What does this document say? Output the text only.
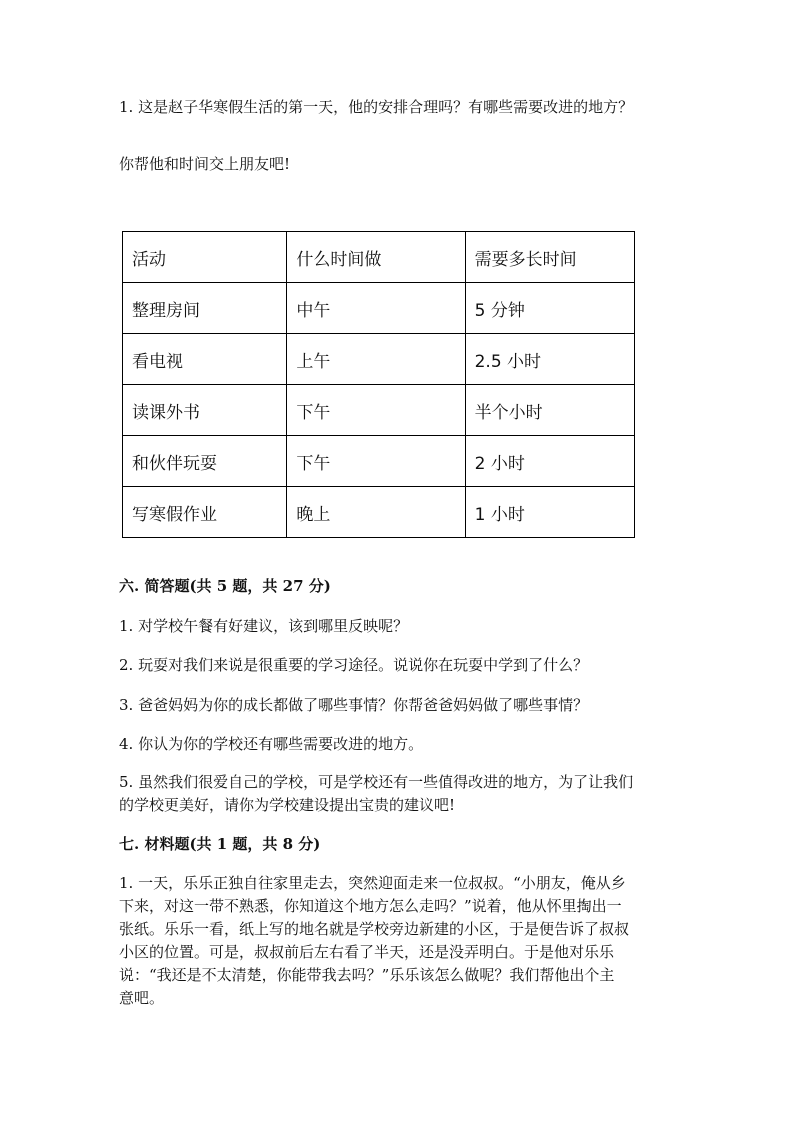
1. 这是赵子华寒假生活的第一天，他的安排合理吗？有哪些需要改进的地方？
你帮他和时间交上朋友吧!
活动	什么时间做	需要多长时间
整理房间	中午	5 分钟
看电视	上午	2.5 小时
读课外书	下午	半个小时
和伙伴玩耍	下午	2 小时
写寒假作业	晚上	1 小时
六. 简答题(共 5 题，共 27 分)
1. 对学校午餐有好建议，该到哪里反映呢？
2. 玩耍对我们来说是很重要的学习途径。说说你在玩耍中学到了什么？
3. 爸爸妈妈为你的成长都做了哪些事情？你帮爸爸妈妈做了哪些事情？
4. 你认为你的学校还有哪些需要改进的地方。
5. 虽然我们很爱自己的学校，可是学校还有一些值得改进的地方，为了让我们
的学校更美好，请你为学校建设提出宝贵的建议吧!
七. 材料题(共 1 题，共 8 分)
1. 一天，乐乐正独自往家里走去，突然迎面走来一位叔叔。“小朋友，俺从乡
下来，对这一带不熟悉，你知道这个地方怎么走吗？”说着，他从怀里掏出一
张纸。乐乐一看，纸上写的地名就是学校旁边新建的小区，于是便告诉了叔叔
小区的位置。可是，叔叔前后左右看了半天，还是没弄明白。于是他对乐乐
说：“我还是不太清楚，你能带我去吗？”乐乐该怎么做呢？我们帮他出个主
意吧。
